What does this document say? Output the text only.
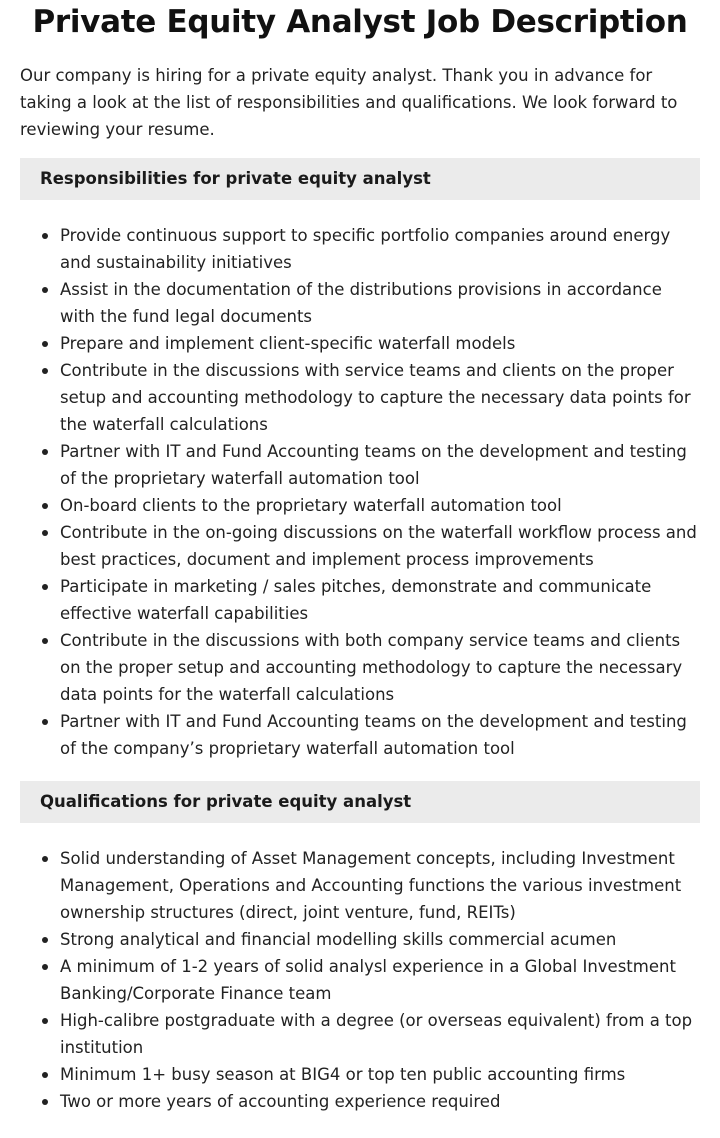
Private Equity Analyst Job Description

Our company is hiring for a private equity analyst. Thank you in advance for taking a look at the list of responsibilities and qualifications. We look forward to reviewing your resume.

Responsibilities for private equity analyst
Provide continuous support to specific portfolio companies around energy and sustainability initiatives
Assist in the documentation of the distributions provisions in accordance with the fund legal documents
Prepare and implement client-specific waterfall models
Contribute in the discussions with service teams and clients on the proper setup and accounting methodology to capture the necessary data points for the waterfall calculations
Partner with IT and Fund Accounting teams on the development and testing of the proprietary waterfall automation tool
On-board clients to the proprietary waterfall automation tool
Contribute in the on-going discussions on the waterfall workflow process and best practices, document and implement process improvements
Participate in marketing / sales pitches, demonstrate and communicate effective waterfall capabilities
Contribute in the discussions with both company service teams and clients on the proper setup and accounting methodology to capture the necessary data points for the waterfall calculations
Partner with IT and Fund Accounting teams on the development and testing of the company’s proprietary waterfall automation tool
Qualifications for private equity analyst
Solid understanding of Asset Management concepts, including Investment Management, Operations and Accounting functions the various investment ownership structures (direct, joint venture, fund, REITs)
Strong analytical and financial modelling skills commercial acumen
A minimum of 1-2 years of solid analysl experience in a Global Investment Banking/Corporate Finance team
High-calibre postgraduate with a degree (or overseas equivalent) from a top institution
Minimum 1+ busy season at BIG4 or top ten public accounting firms
Two or more years of accounting experience required
